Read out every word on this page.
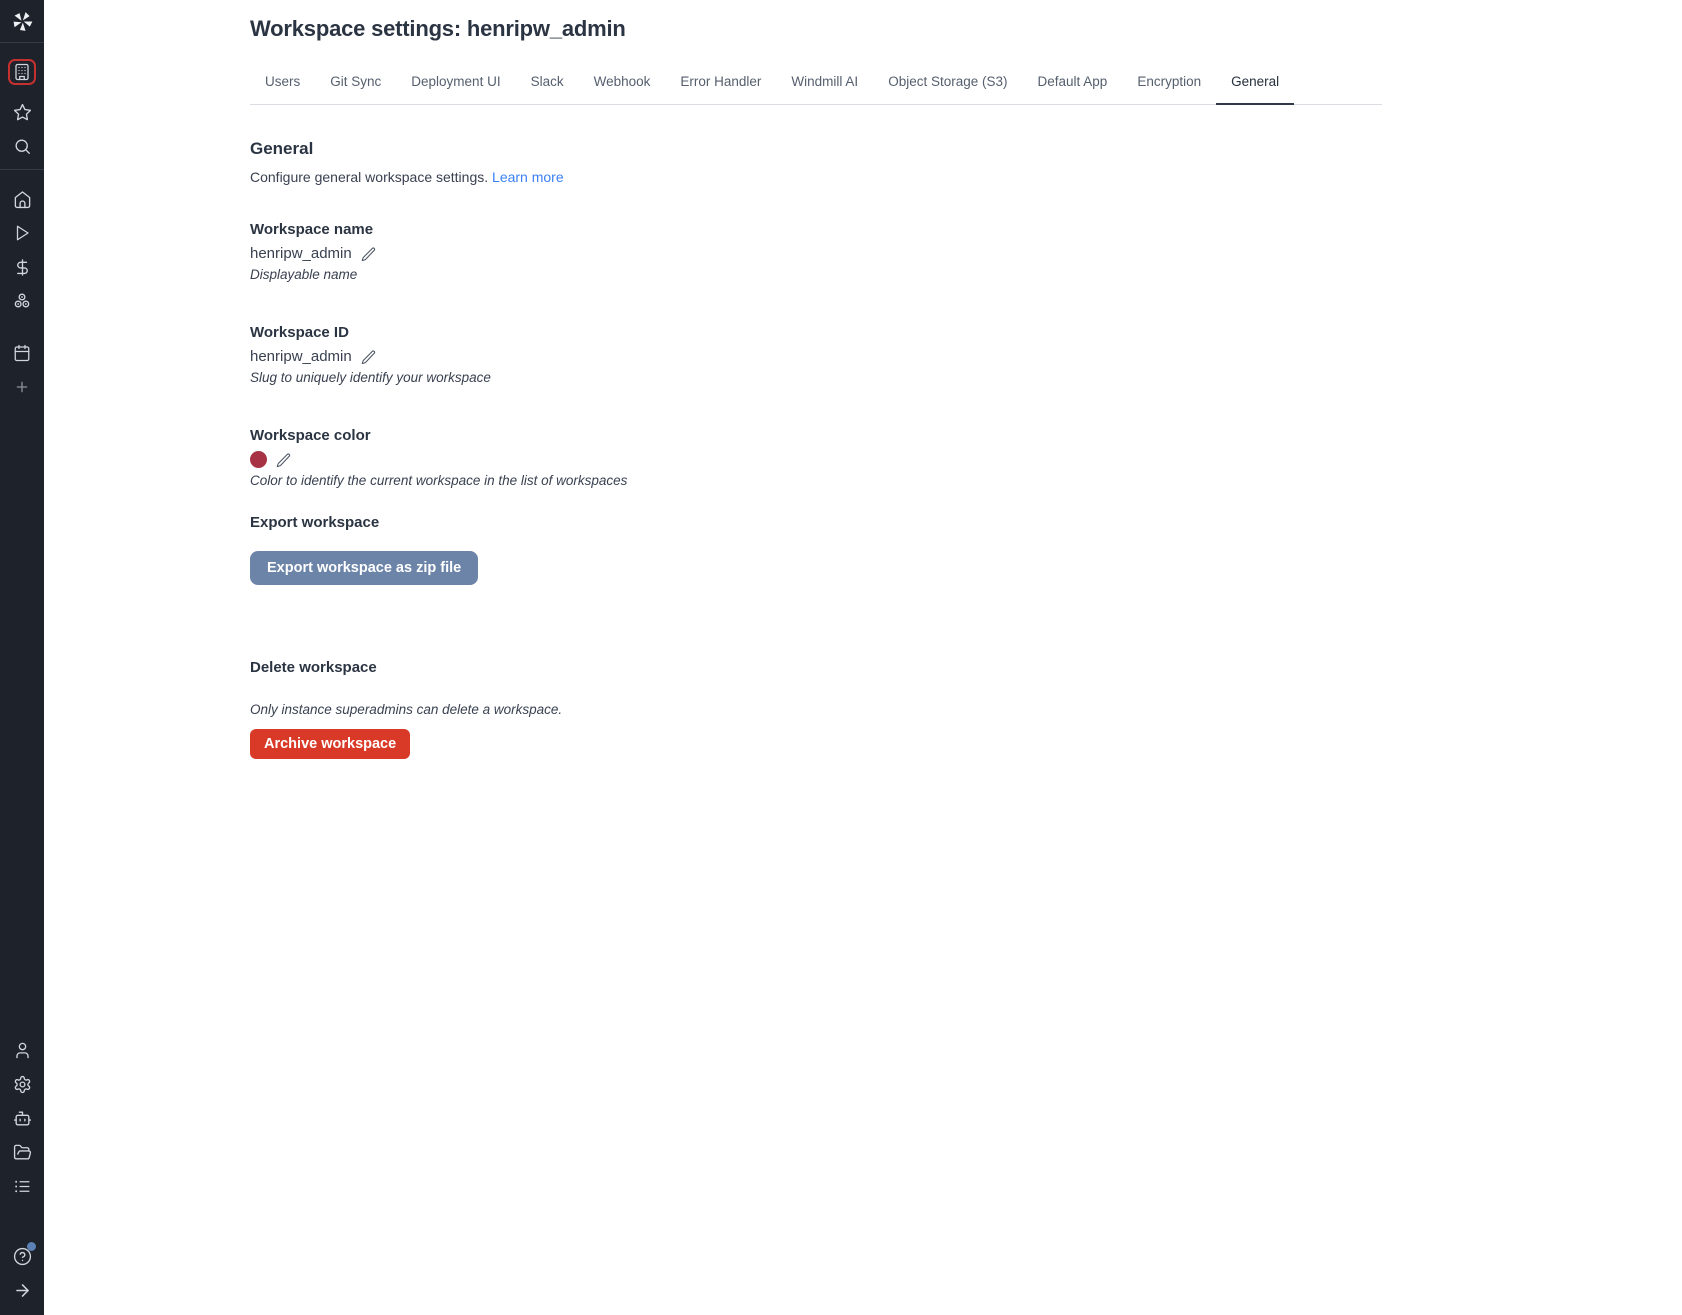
Workspace settings: henripw_admin
Users	Git Sync	Deployment UI	Slack	Webhook	Error Handler	Windmill AI	Object Storage (S3)	Default App	Encryption	General
General

Configure general workspace settings. Learn more

Workspace name
henripw_admin
Displayable name
Workspace ID
henripw_admin
Slug to uniquely identify your workspace
Workspace color
Color to identify the current workspace in the list of workspaces
Export workspace
Export workspace as zip file
Delete workspace
Only instance superadmins can delete a workspace.
Archive workspace
